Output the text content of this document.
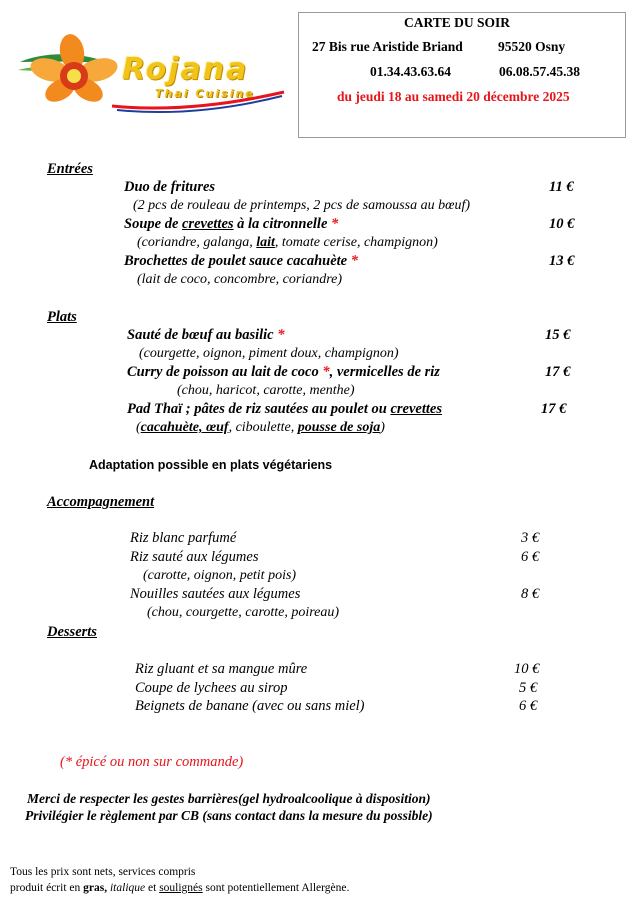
Rojana
Thai Cuisine
CARTE DU SOIR
27 Bis rue Aristide Briand	95520 Osny
01.34.43.63.64	06.08.57.45.38
du jeudi 18 au samedi 20 décembre 2025
Entrées
Duo de fritures	11 €
(2 pcs de rouleau de printemps, 2 pcs de samoussa au bœuf)
Soupe de crevettes à la citronnelle *	10 €
(coriandre, galanga, lait, tomate cerise, champignon)
Brochettes de poulet sauce cacahuète *	13 €
(lait de coco, concombre, coriandre)
Plats
Sauté de bœuf au basilic *	15 €
(courgette, oignon, piment doux, champignon)
Curry de poisson au lait de coco *, vermicelles de riz	17 €
(chou, haricot, carotte, menthe)
Pad Thaï ; pâtes de riz sautées au poulet ou crevettes	17 €
(cacahuète, œuf, ciboulette, pousse de soja)
Adaptation possible en plats végétariens
Accompagnement
Riz blanc parfumé	3 €
Riz sauté aux légumes	6 €
(carotte, oignon, petit pois)
Nouilles sautées aux légumes	8 €
(chou, courgette, carotte, poireau)
Desserts
Riz gluant et sa mangue mûre	10 €
Coupe de lychees au sirop	5 €
Beignets de banane (avec ou sans miel)	6 €
(* épicé ou non sur commande)
Merci de respecter les gestes barrières(gel hydroalcoolique à disposition)
Privilégier le règlement par CB (sans contact dans la mesure du possible)
Tous les prix sont nets, services compris
produit écrit en gras, italique et soulignés sont potentiellement Allergène.
